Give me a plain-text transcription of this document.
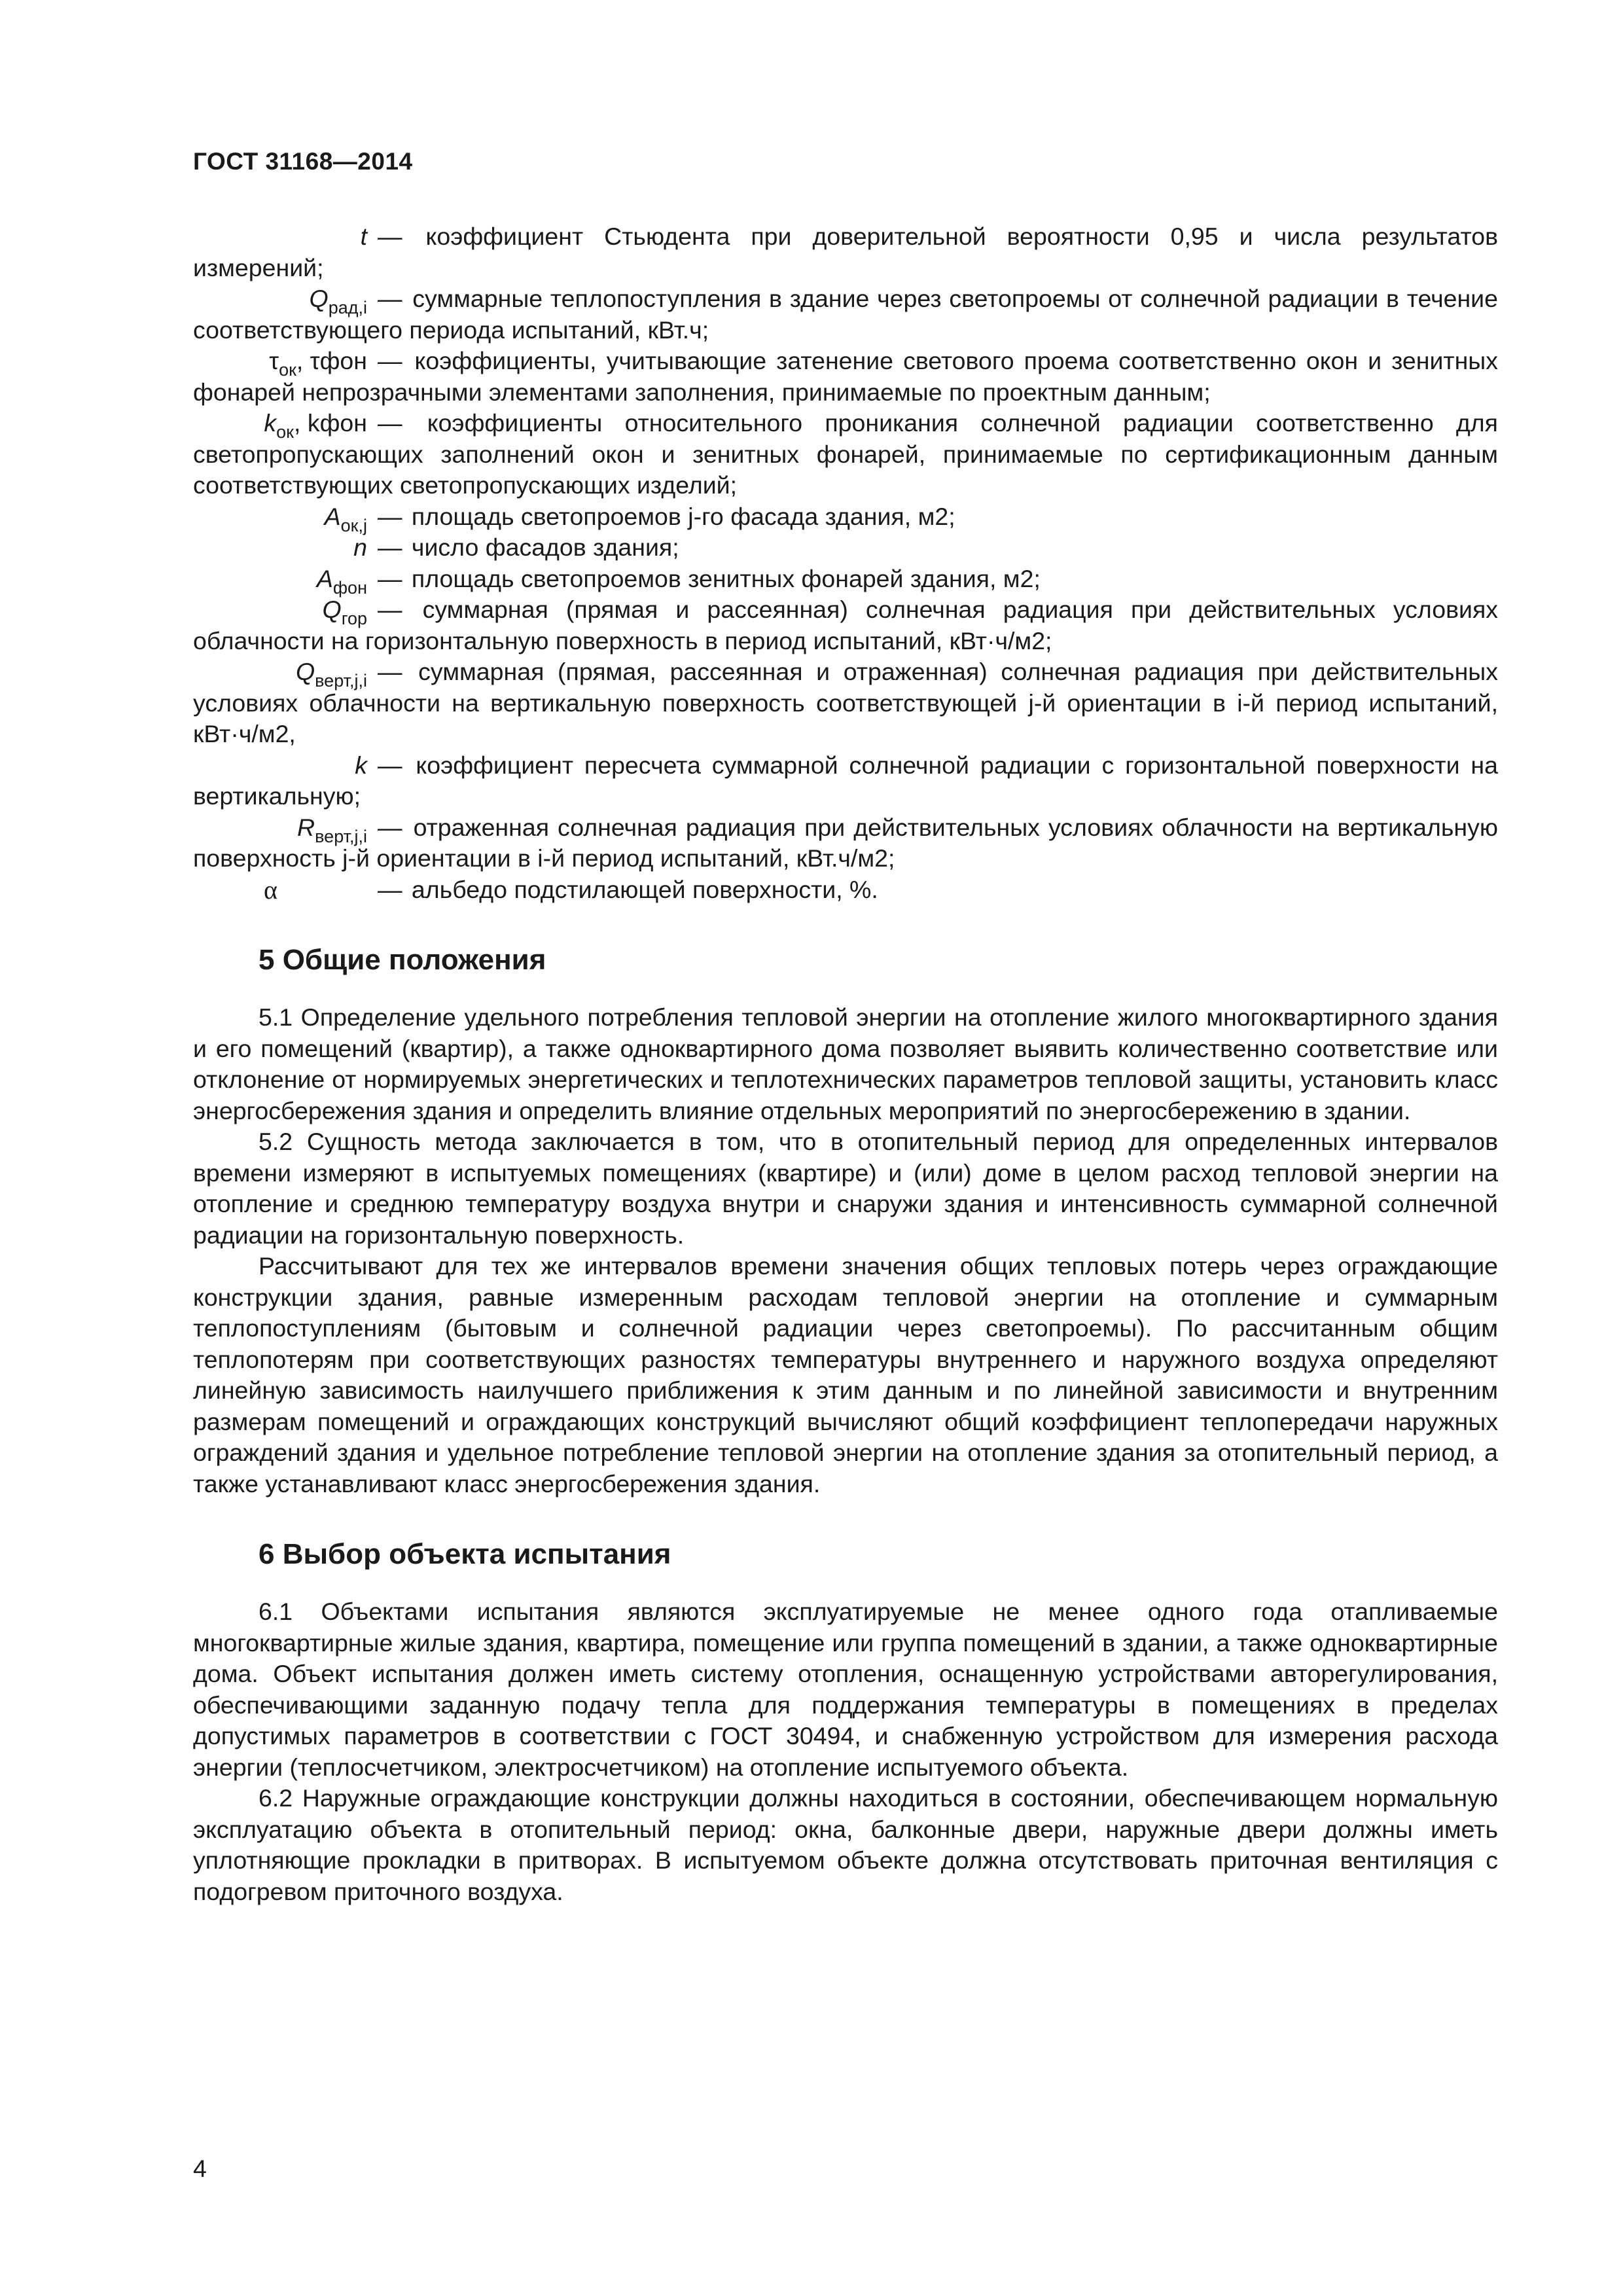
ГОСТ 31168—2014
t — коэффициент Стьюдента при доверительной вероятности 0,95 и числа результатов измерений;
$Q_{рад,i}$ — суммарные теплопоступления в здание через светопроемы от солнечной радиации в течение соответствующего периода испытаний, кВт.ч;
$\tau_{ок}$, τфон — коэффициенты, учитывающие затенение светового проема соответственно окон и зенитных фонарей непрозрачными элементами заполнения, принимаемые по проектным данным;
$k_{ок}$, kфон — коэффициенты относительного проникания солнечной радиации соответственно для светопропускающих заполнений окон и зенитных фонарей, принимаемые по сертификационным данным соответствующих светопропускающих изделий;
$A_{ок,j}$ — площадь светопроемов j-го фасада здания, м2;
n — число фасадов здания;
$A_{фон}$ — площадь светопроемов зенитных фонарей здания, м2;
$Q_{гор}$ — суммарная (прямая и рассеянная) солнечная радиация при действительных условиях облачности на горизонтальную поверхность в период испытаний, кВт·ч/м2;
$Q_{верт,j,i}$ — суммарная (прямая, рассеянная и отраженная) солнечная радиация при действительных условиях облачности на вертикальную поверхность соответствующей j-й ориентации в i-й период испытаний, кВт·ч/м2,
k — коэффициент пересчета суммарной солнечной радиации с горизонтальной поверхности на вертикальную;
$R_{верт,j,i}$ — отраженная солнечная радиация при действительных условиях облачности на вертикальную поверхность j-й ориентации в i-й период испытаний, кВт.ч/м2;
α	— альбедо подстилающей поверхности, %.
5 Общие положения

5.1 Определение удельного потребления тепловой энергии на отопление жилого многоквартирного здания и его помещений (квартир), а также одноквартирного дома позволяет выявить количественно соответствие или отклонение от нормируемых энергетических и теплотехнических параметров тепловой защиты, установить класс энергосбережения здания и определить влияние отдельных мероприятий по энергосбережению в здании.

5.2 Сущность метода заключается в том, что в отопительный период для определенных интервалов времени измеряют в испытуемых помещениях (квартире) и (или) доме в целом расход тепловой энергии на отопление и среднюю температуру воздуха внутри и снаружи здания и интенсивность суммарной солнечной радиации на горизонтальную поверхность.

Рассчитывают для тех же интервалов времени значения общих тепловых потерь через ограждающие конструкции здания, равные измеренным расходам тепловой энергии на отопление и суммарным теплопоступлениям (бытовым и солнечной радиации через светопроемы). По рассчитанным общим теплопотерям при соответствующих разностях температуры внутреннего и наружного воздуха определяют линейную зависимость наилучшего приближения к этим данным и по линейной зависимости и внутренним размерам помещений и ограждающих конструкций вычисляют общий коэффициент теплопередачи наружных ограждений здания и удельное потребление тепловой энергии на отопление здания за отопительный период, а также устанавливают класс энергосбережения здания.

6 Выбор объекта испытания

6.1 Объектами испытания являются эксплуатируемые не менее одного года отапливаемые многоквартирные жилые здания, квартира, помещение или группа помещений в здании, а также одноквартирные дома. Объект испытания должен иметь систему отопления, оснащенную устройствами авторегулирования, обеспечивающими заданную подачу тепла для поддержания температуры в помещениях в пределах допустимых параметров в соответствии с ГОСТ 30494, и снабженную устройством для измерения расхода энергии (теплосчетчиком, электросчетчиком) на отопление испытуемого объекта.

6.2 Наружные ограждающие конструкции должны находиться в состоянии, обеспечивающем нормальную эксплуатацию объекта в отопительный период: окна, балконные двери, наружные двери должны иметь уплотняющие прокладки в притворах. В испытуемом объекте должна отсутствовать приточная вентиляция с подогревом приточного воздуха.

4
